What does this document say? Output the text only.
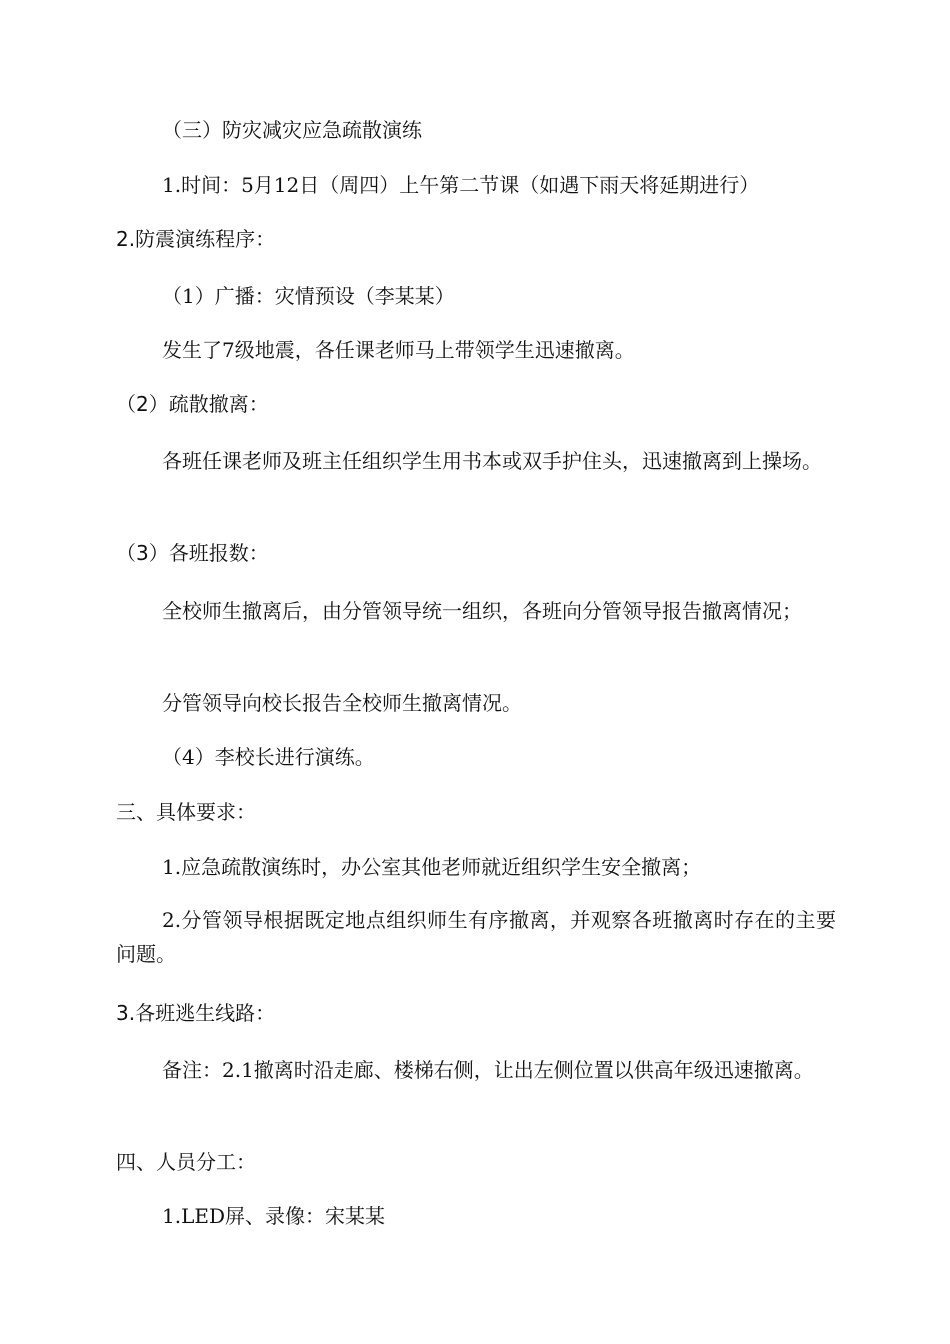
（三）防灾减灾应急疏散演练
1.时间：5月12日（周四）上午第二节课（如遇下雨天将延期进行）
2.防震演练程序：
（1）广播：灾情预设（李某某）
发生了7级地震，各任课老师马上带领学生迅速撤离。
（2）疏散撤离：
各班任课老师及班主任组织学生用书本或双手护住头，迅速撤离到上操场。
（3）各班报数：
全校师生撤离后，由分管领导统一组织，各班向分管领导报告撤离情况；
分管领导向校长报告全校师生撤离情况。
（4）李校长进行演练。
三、具体要求：
1.应急疏散演练时，办公室其他老师就近组织学生安全撤离；
2.分管领导根据既定地点组织师生有序撤离，并观察各班撤离时存在的主要问题。
3.各班逃生线路：
备注：2.1撤离时沿走廊、楼梯右侧，让出左侧位置以供高年级迅速撤离。
四、人员分工：
1.LED屏、录像：宋某某
